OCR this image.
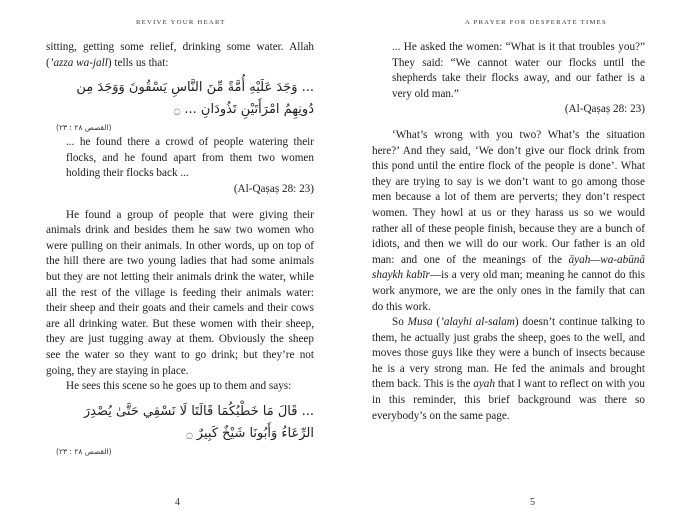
REVIVE YOUR HEART

sitting, getting some relief, drinking some water. Allah (’azza wa-jall) tells us that:

... وَجَدَ عَلَيْهِ أُمَّةً مِّنَ النَّاسِ يَسْقُونَ وَوَجَدَ مِن دُونِهِمُ امْرَأَتَيْنِ تَذُودَانِ ... ۝
(القصص ٢٨ : ٢٣)

... he found there a crowd of people watering their flocks, and he found apart from them two women holding their flocks back ...

(Al-Qaṣaṣ 28: 23)

He found a group of people that were giving their animals drink and besides them he saw two women who were pulling on their animals. In other words, up on top of the hill there are two young ladies that had some animals but they are not letting their animals drink the water, while all the rest of the village is feeding their animals water: their sheep and their goats and their camels and their cows are all drinking water. But these women with their sheep, they are just tugging away at them. Obviously the sheep see the water so they want to go drink; but they’re not going, they are staying in place.

He sees this scene so he goes up to them and says:

... قَالَ مَا خَطْبُكُمَا قَالَتَا لَا نَسْقِي حَتَّىٰ يُصْدِرَ الرِّعَاءُ وَأَبُونَا شَيْخٌ كَبِيرٌ ۝
(القصص ٢٨ : ٢٣)
4
A PRAYER FOR DESPERATE TIMES

... He asked the women: “What is it that troubles you?” They said: “We cannot water our flocks until the shepherds take their flocks away, and our father is a very old man.”

(Al-Qaṣaṣ 28: 23)

‘What’s wrong with you two? What’s the situation here?’ And they said, ‘We don’t give our flock drink from this pond until the entire flock of the people is done’. What they are trying to say is we don’t want to go among those men because a lot of them are perverts; they don’t respect women. They howl at us or they harass us so we would rather all of these people finish, because they are a bunch of idiots, and then we will do our work. Our father is an old man: and one of the meanings of the āyah—wa-abūnā shaykh kabīr—is a very old man; meaning he cannot do this work anymore, we are the only ones in the family that can do this work.

So Musa (’alayhi al-salam) doesn’t continue talking to them, he actually just grabs the sheep, goes to the well, and moves those guys like they were a bunch of insects because he is a very strong man. He fed the animals and brought them back. This is the ayah that I want to reflect on with you in this reminder, this brief background was there so everybody’s on the same page.

5
